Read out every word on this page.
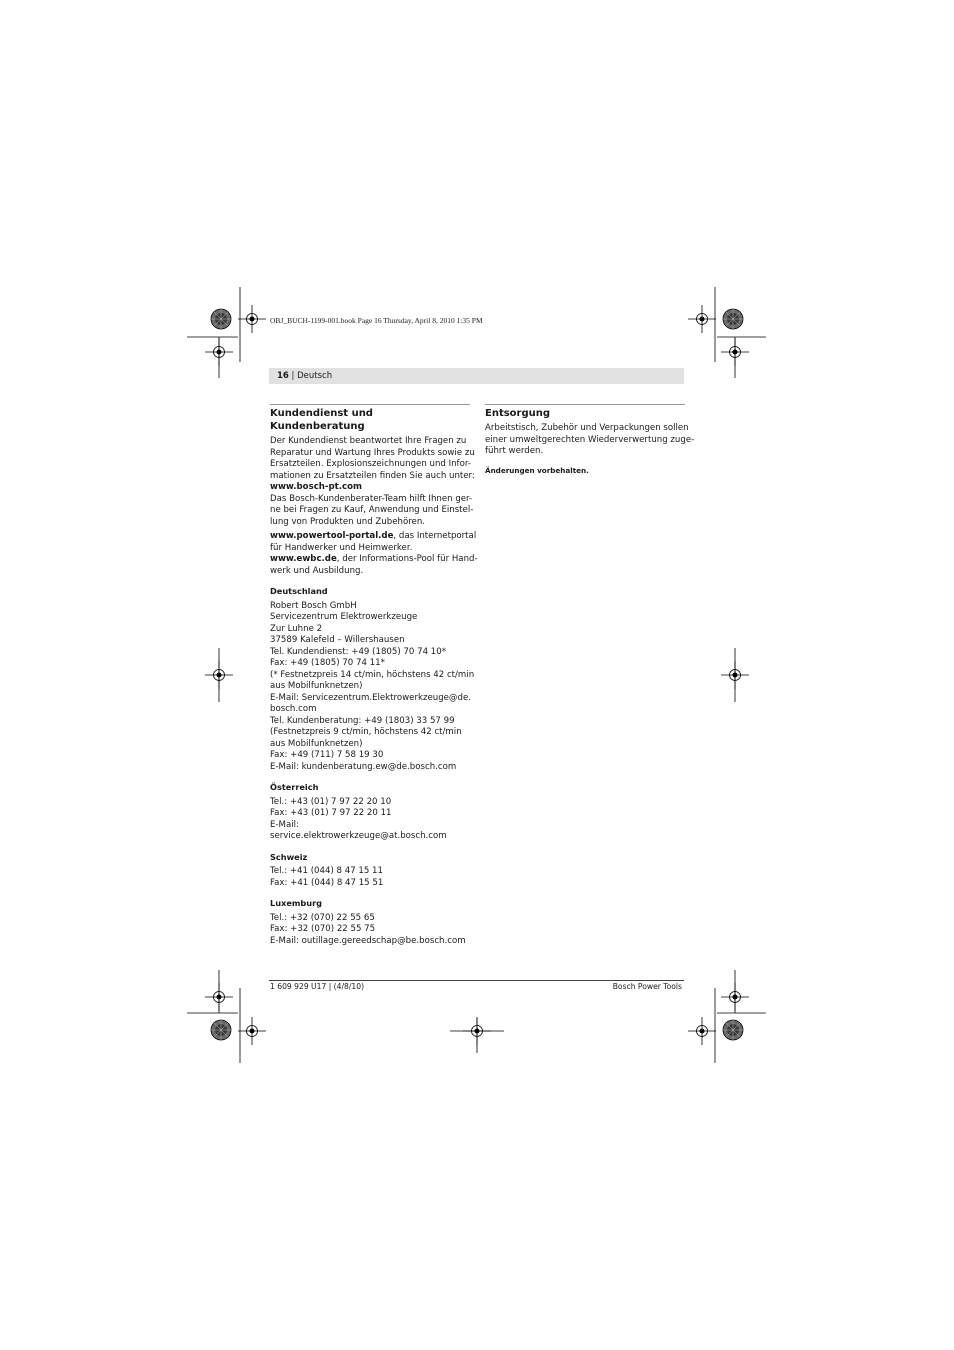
OBJ_BUCH-1199-001.book Page 16 Thursday, April 8, 2010 1:35 PM
16 | Deutsch
Kundendienst und Kundenberatung

Der Kundendienst beantwortet Ihre Fragen zu
Reparatur und Wartung Ihres Produkts sowie zu
Ersatzteilen. Explosionszeichnungen und Infor-
mationen zu Ersatzteilen finden Sie auch unter:

www.bosch-pt.com

Das Bosch-Kundenberater-Team hilft Ihnen ger-
ne bei Fragen zu Kauf, Anwendung und Einstel-
lung von Produkten und Zubehören.

www.powertool-portal.de, das Internetportal
für Handwerker und Heimwerker.
www.ewbc.de, der Informations-Pool für Hand-
werk und Ausbildung.

Deutschland

Robert Bosch GmbH
Servicezentrum Elektrowerkzeuge
Zur Luhne 2
37589 Kalefeld – Willershausen
Tel. Kundendienst: +49 (1805) 70 74 10*
Fax: +49 (1805) 70 74 11*
(* Festnetzpreis 14 ct/min, höchstens 42 ct/min
aus Mobilfunknetzen)
E-Mail: Servicezentrum.Elektrowerkzeuge@de.
bosch.com
Tel. Kundenberatung: +49 (1803) 33 57 99
(Festnetzpreis 9 ct/min, höchstens 42 ct/min
aus Mobilfunknetzen)
Fax: +49 (711) 7 58 19 30
E-Mail: kundenberatung.ew@de.bosch.com

Österreich

Tel.: +43 (01) 7 97 22 20 10
Fax: +43 (01) 7 97 22 20 11
E-Mail:
service.elektrowerkzeuge@at.bosch.com

Schweiz

Tel.: +41 (044) 8 47 15 11
Fax: +41 (044) 8 47 15 51

Luxemburg

Tel.: +32 (070) 22 55 65
Fax: +32 (070) 22 55 75
E-Mail: outillage.gereedschap@be.bosch.com

Entsorgung

Arbeitstisch, Zubehör und Verpackungen sollen
einer umweltgerechten Wiederverwertung zuge-
führt werden.

Änderungen vorbehalten.

1 609 929 U17 | (4/8/10)	Bosch Power Tools
